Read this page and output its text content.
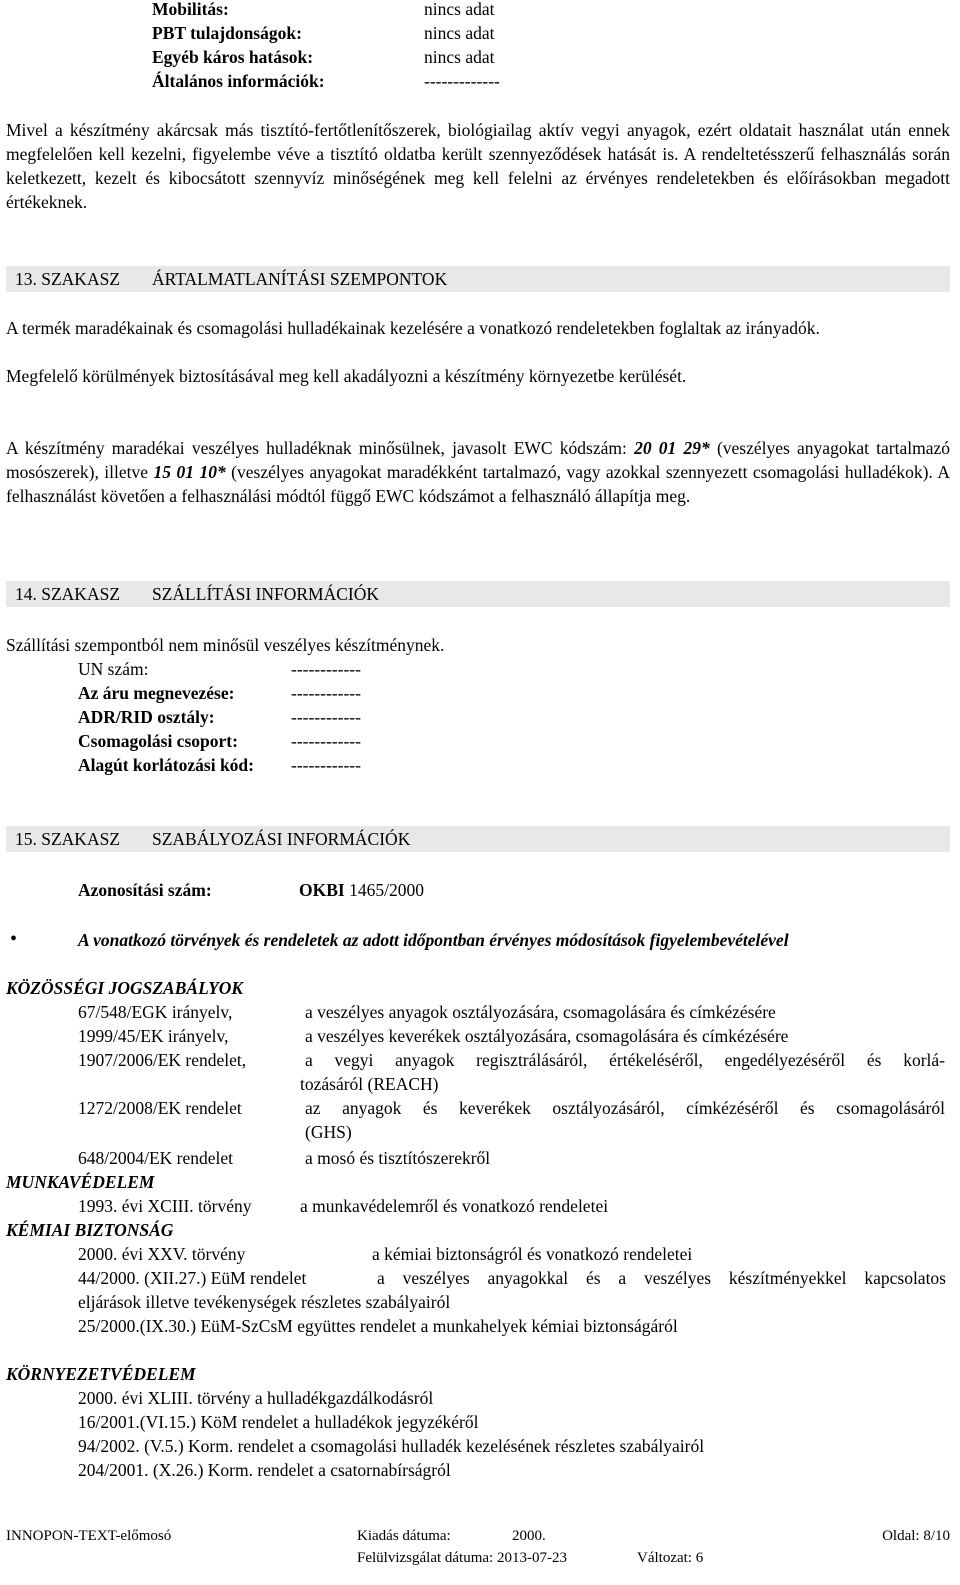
Mobilitás:	nincs adat
PBT tulajdonságok:	nincs adat
Egyéb káros hatások:	nincs adat
Általános információk:	-------------
Mivel a készítmény akárcsak más tisztító-fertőtlenítőszerek, biológiailag aktív vegyi anyagok, ezért oldatait használat után ennek megfelelően kell kezelni, figyelembe véve a tisztító oldatba került szennyeződések hatását is. A rendeltetésszerű felhasználás során keletkezett, kezelt és kibocsátott szennyvíz minőségének meg kell felelni az érvényes rendeletekben és előírásokban megadott értékeknek.
13. SZAKASZ ÁRTALMATLANÍTÁSI SZEMPONTOK
A termék maradékainak és csomagolási hulladékainak kezelésére a vonatkozó rendeletekben foglaltak az irányadók.
Megfelelő körülmények biztosításával meg kell akadályozni a készítmény környezetbe kerülését.
A készítmény maradékai veszélyes hulladéknak minősülnek, javasolt EWC kódszám: 20 01 29* (veszélyes anyagokat tartalmazó mosószerek), illetve 15 01 10* (veszélyes anyagokat maradékként tartalmazó, vagy azokkal szennyezett csomagolási hulladékok). A felhasználást követően a felhasználási módtól függő EWC kódszámot a felhasználó állapítja meg.
14. SZAKASZ SZÁLLÍTÁSI INFORMÁCIÓK
Szállítási szempontból nem minősül veszélyes készítménynek.
UN szám:	------------
Az áru megnevezése:	------------
ADR/RID osztály:	------------
Csomagolási csoport:	------------
Alagút korlátozási kód: ------------
15. SZAKASZ SZABÁLYOZÁSI INFORMÁCIÓK
Azonosítási szám:	OKBI 1465/2000
•	A vonatkozó törvények és rendeletek az adott időpontban érvényes módosítások figyelembevételével
KÖZÖSSÉGI JOGSZABÁLYOK
67/548/EGK irányelv,	a veszélyes anyagok osztályozására, csomagolására és címkézésére
1999/45/EK irányelv,	a veszélyes keverékek osztályozására, csomagolására és címkézésére
1907/2006/EK rendelet,	a vegyi anyagok regisztrálásáról, értékeléséről, engedélyezéséről és korlá-
tozásáról (REACH)
1272/2008/EK rendelet	az anyagok és keverékek osztályozásáról, címkézéséről és csomagolásáról
(GHS)
648/2004/EK rendelet	a mosó és tisztítószerekről
MUNKAVÉDELEM
1993. évi XCIII. törvény	a munkavédelemről és vonatkozó rendeletei
KÉMIAI BIZTONSÁG
2000. évi XXV. törvény	a kémiai biztonságról és vonatkozó rendeletei
44/2000. (XII.27.) EüM rendelet	a veszélyes anyagokkal és a veszélyes készítményekkel kapcsolatos
eljárások illetve tevékenységek részletes szabályairól
25/2000.(IX.30.) EüM-SzCsM együttes rendelet a munkahelyek kémiai biztonságáról
KÖRNYEZETVÉDELEM
2000. évi XLIII. törvény a hulladékgazdálkodásról
16/2001.(VI.15.) KöM rendelet a hulladékok jegyzékéről
94/2002. (V.5.) Korm. rendelet a csomagolási hulladék kezelésének részletes szabályairól
204/2001. (X.26.) Korm. rendelet a csatornabírságról
INNOPON-TEXT-előmosó	Kiadás dátuma:	2000.	Oldal: 8/10
Felülvizsgálat dátuma: 2013-07-23	Változat: 6
